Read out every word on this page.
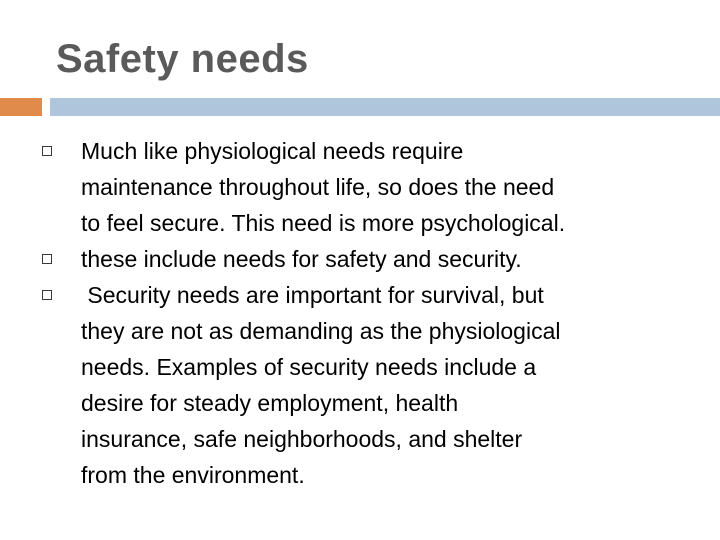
Safety needs
Much like physiological needs require
maintenance throughout life, so does the need
to feel secure. This need is more psychological.
these include needs for safety and security.
Security needs are important for survival, but
they are not as demanding as the physiological
needs. Examples of security needs include a
desire for steady employment, health
insurance, safe neighborhoods, and shelter
from the environment.
